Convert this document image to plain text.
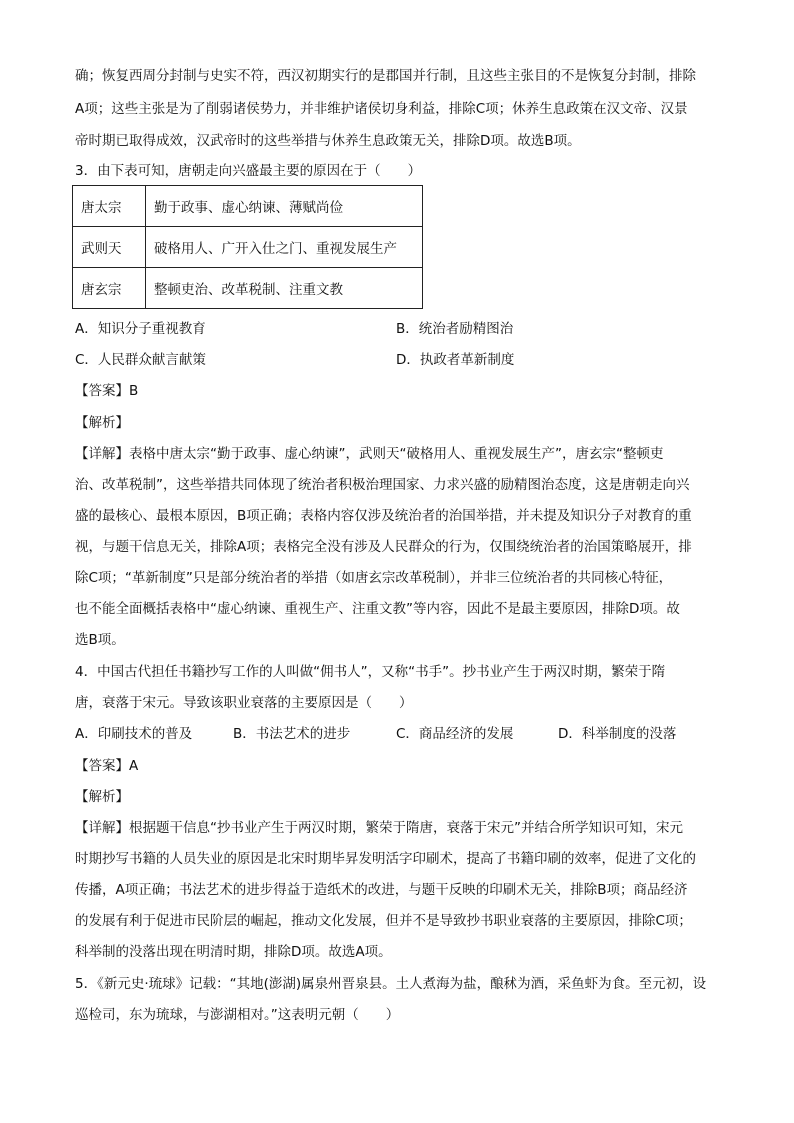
确；恢复西周分封制与史实不符，西汉初期实行的是郡国并行制，且这些主张目的不是恢复分封制，排除
A项；这些主张是为了削弱诸侯势力，并非维护诸侯切身利益，排除C项；休养生息政策在汉文帝、汉景
帝时期已取得成效，汉武帝时的这些举措与休养生息政策无关，排除D项。故选B项。
3．由下表可知，唐朝走向兴盛最主要的原因在于（　　）
唐太宗	勤于政事、虚心纳谏、薄赋尚俭
武则天	破格用人、广开入仕之门、重视发展生产
唐玄宗	整顿吏治、改革税制、注重文教
A．知识分子重视教育	B．统治者励精图治
C．人民群众献言献策	D．执政者革新制度
【答案】B
【解析】
【详解】表格中唐太宗“勤于政事、虚心纳谏”，武则天“破格用人、重视发展生产”，唐玄宗“整顿吏
治、改革税制”，这些举措共同体现了统治者积极治理国家、力求兴盛的励精图治态度，这是唐朝走向兴
盛的最核心、最根本原因，B项正确；表格内容仅涉及统治者的治国举措，并未提及知识分子对教育的重
视，与题干信息无关，排除A项；表格完全没有涉及人民群众的行为，仅围绕统治者的治国策略展开，排
除C项；“革新制度”只是部分统治者的举措（如唐玄宗改革税制），并非三位统治者的共同核心特征，
也不能全面概括表格中“虚心纳谏、重视生产、注重文教”等内容，因此不是最主要原因，排除D项。故
选B项。
4．中国古代担任书籍抄写工作的人叫做“佣书人”，又称“书手”。抄书业产生于两汉时期，繁荣于隋
唐，衰落于宋元。导致该职业衰落的主要原因是（　　）
A．印刷技术的普及	B．书法艺术的进步	C．商品经济的发展	D．科举制度的没落
【答案】A
【解析】
【详解】根据题干信息“抄书业产生于两汉时期，繁荣于隋唐，衰落于宋元”并结合所学知识可知，宋元
时期抄写书籍的人员失业的原因是北宋时期毕昇发明活字印刷术，提高了书籍印刷的效率，促进了文化的
传播，A项正确；书法艺术的进步得益于造纸术的改进，与题干反映的印刷术无关，排除B项；商品经济
的发展有利于促进市民阶层的崛起，推动文化发展，但并不是导致抄书职业衰落的主要原因，排除C项；
科举制的没落出现在明清时期，排除D项。故选A项。
5．《新元史·琉球》记载：“其地(澎湖)属泉州晋泉县。土人煮海为盐，酿秫为酒，采鱼虾为食。至元初，设
巡检司，东为琉球，与澎湖相对。”这表明元朝（　　）
